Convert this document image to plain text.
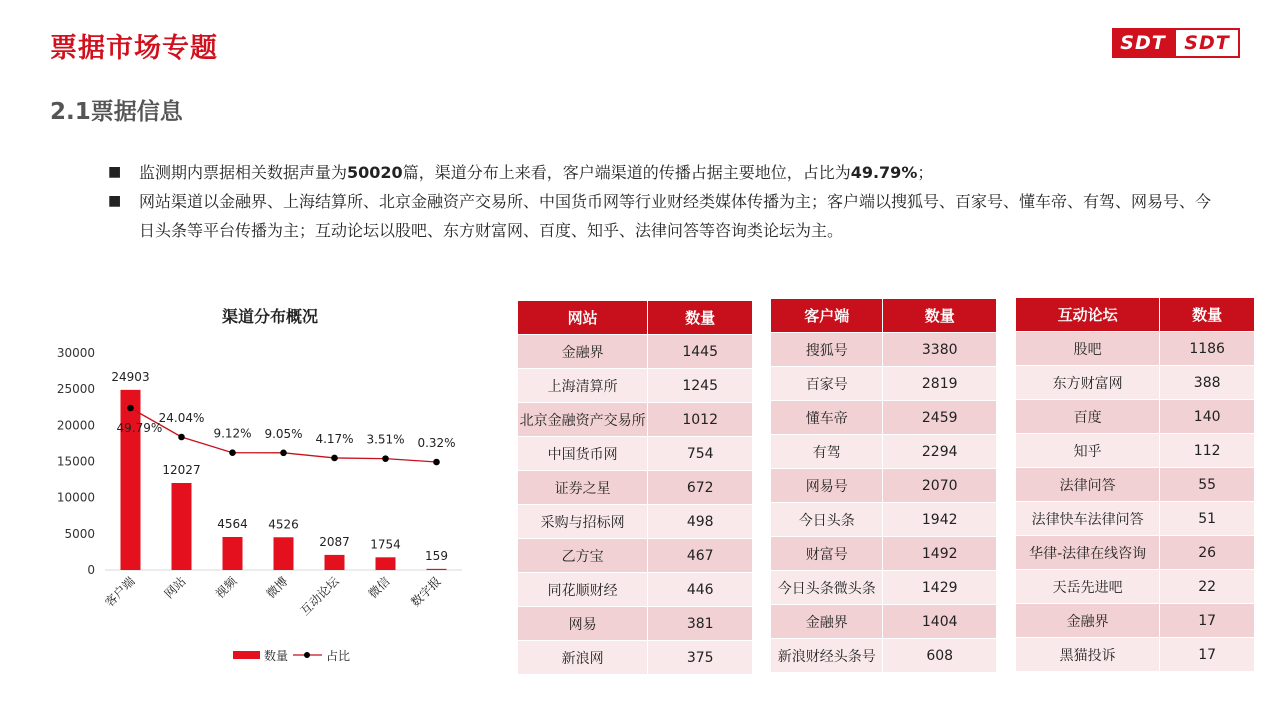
票据市场专题	SDT SDT
2.1票据信息
■	监测期内票据相关数据声量为50020篇，渠道分布上来看，客户端渠道的传播占据主要地位，占比为49.79%；
■	网站渠道以金融界、上海结算所、北京金融资产交易所、中国货币网等行业财经类媒体传播为主；客户端以搜狐号、百家号、懂车帝、有驾、网易号、今日头条等平台传播为主；互动论坛以股吧、东方财富网、百度、知乎、法律问答等咨询类论坛为主。
渠道分布概况
0
5000
10000
15000
20000
25000
30000
24903
12027
4564 4526
2087 1754
159
49.79%
24.04%
9.12% 9.05% 4.17% 3.51% 0.32%
客户端 网站 视频 微博 互动论坛 微信 数字报
数量	占比
网站	数量
金融界	1445
上海清算所	1245
北京金融资产交易所	1012
中国货币网	754
证券之星	672
采购与招标网	498
乙方宝	467
同花顺财经	446
网易	381
新浪网	375
客户端	数量
搜狐号	3380
百家号	2819
懂车帝	2459
有驾	2294
网易号	2070
今日头条	1942
财富号	1492
今日头条微头条	1429
金融界	1404
新浪财经头条号	608
互动论坛	数量
股吧	1186
东方财富网	388
百度	140
知乎	112
法律问答	55
法律快车法律问答	51
华律-法律在线咨询	26
天岳先进吧	22
金融界	17
黑猫投诉	17
